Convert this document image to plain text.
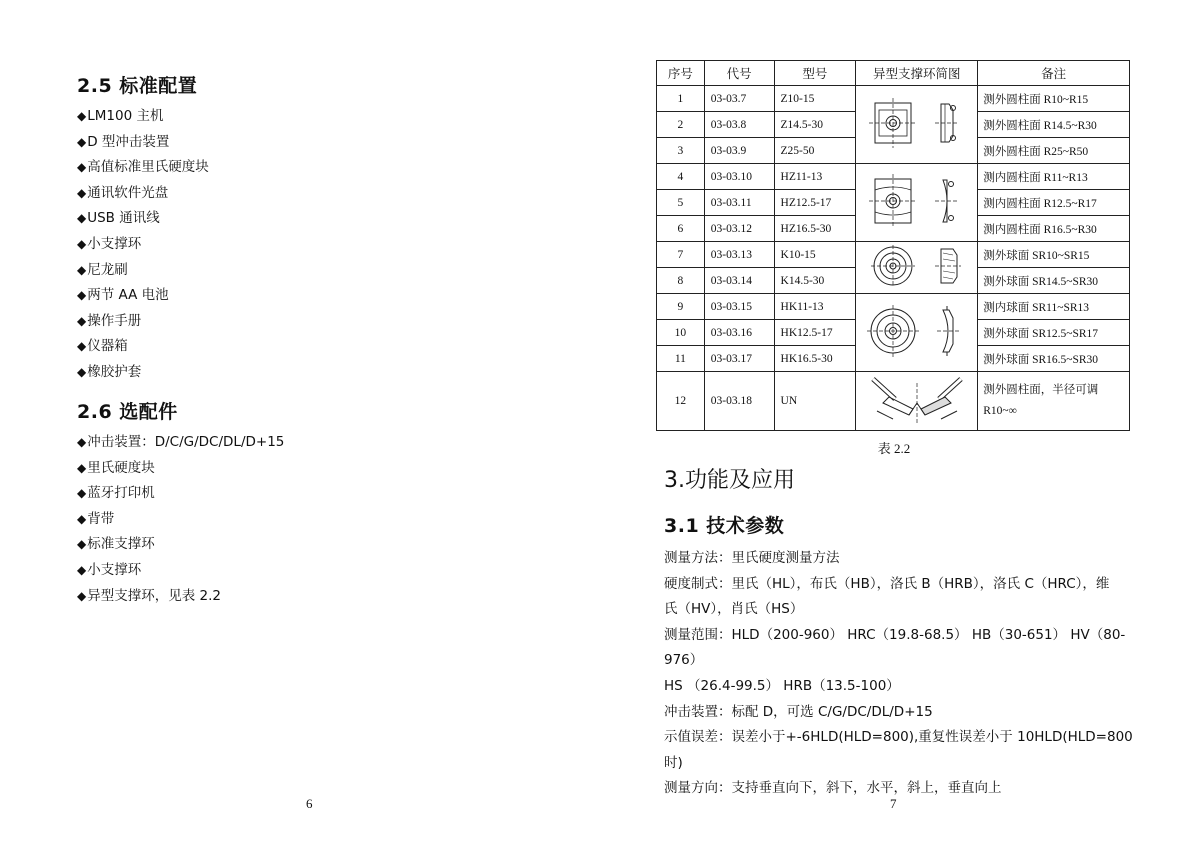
2.5 标准配置
◆LM100 主机
◆D 型冲击装置
◆高值标准里氏硬度块
◆通讯软件光盘
◆USB 通讯线
◆小支撑环
◆尼龙刷
◆两节 AA 电池
◆操作手册
◆仪器箱
◆橡胶护套
2.6 选配件
◆冲击装置：D/C/G/DC/DL/D+15
◆里氏硬度块
◆蓝牙打印机
◆背带
◆标准支撑环
◆小支撑环
◆异型支撑环，见表 2.2
6
序号	代号	型号	异型支撑环简图	备注
1	03-03.7	Z10-15		测外圆柱面 R10~R15
2	03-03.8	Z14.5-30		测外圆柱面 R14.5~R30
3	03-03.9	Z25-50		测外圆柱面 R25~R50
4	03-03.10	HZ11-13		测内圆柱面 R11~R13
5	03-03.11	HZ12.5-17		测内圆柱面 R12.5~R17
6	03-03.12	HZ16.5-30		测内圆柱面 R16.5~R30
7	03-03.13	K10-15		测外球面 SR10~SR15
8	03-03.14	K14.5-30		测外球面 SR14.5~SR30
9	03-03.15	HK11-13		测内球面 SR11~SR13
10	03-03.16	HK12.5-17		测外球面 SR12.5~SR17
11	03-03.17	HK16.5-30		测外球面 SR16.5~SR30
12	03-03.18	UN		测外圆柱面，半径可调
R10~∞
表 2.2
3.功能及应用
3.1 技术参数

测量方法：里氏硬度测量方法

硬度制式：里氏（HL），布氏（HB），洛氏 B（HRB），洛氏 C（HRC），维

氏（HV），肖氏（HS）

测量范围：HLD（200-960） HRC（19.8-68.5） HB（30-651） HV（80-976）

HS （26.4-99.5） HRB（13.5-100）

冲击装置：标配 D，可选 C/G/DC/DL/D+15

示值误差：误差小于+-6HLD(HLD=800),重复性误差小于 10HLD(HLD=800

时)

测量方向：支持垂直向下，斜下，水平，斜上，垂直向上

7
